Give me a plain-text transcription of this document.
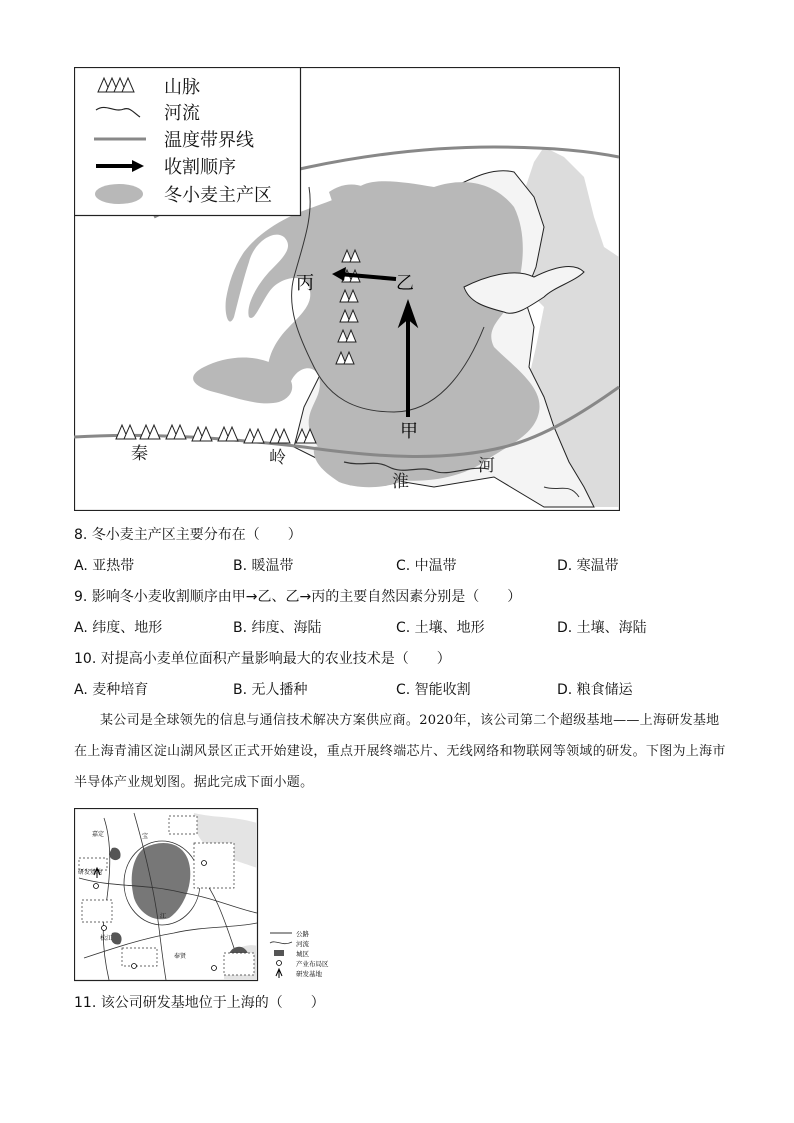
丙	乙
甲
秦	岭
淮
河
山脉
河流
温度带界线
收割顺序
冬小麦主产区
8. 冬小麦主产区主要分布在（　　）
A. 亚热带	B. 暖温带	C. 中温带	D. 寒温带
9. 影响冬小麦收割顺序由甲→乙、乙→丙的主要自然因素分别是（　　）
A. 纬度、地形	B. 纬度、海陆	C. 土壤、地形	D. 土壤、海陆
10. 对提高小麦单位面积产量影响最大的农业技术是（　　）
A. 麦种培育	B. 无人播种	C. 智能收割	D. 粮食储运
某公司是全球领先的信息与通信技术解决方案供应商。2020年，该公司第二个超级基地——上海研发基地在上海青浦区淀山湖风景区正式开始建设，重点开展终端芯片、无线网络和物联网等领域的研发。下图为上海市半导体产业规划图。据此完成下面小题。
嘉定	宝
研发基地
松江
奉贤
江
公路
河流
城区
产业布局区
研发基地
11. 该公司研发基地位于上海的（　　）
